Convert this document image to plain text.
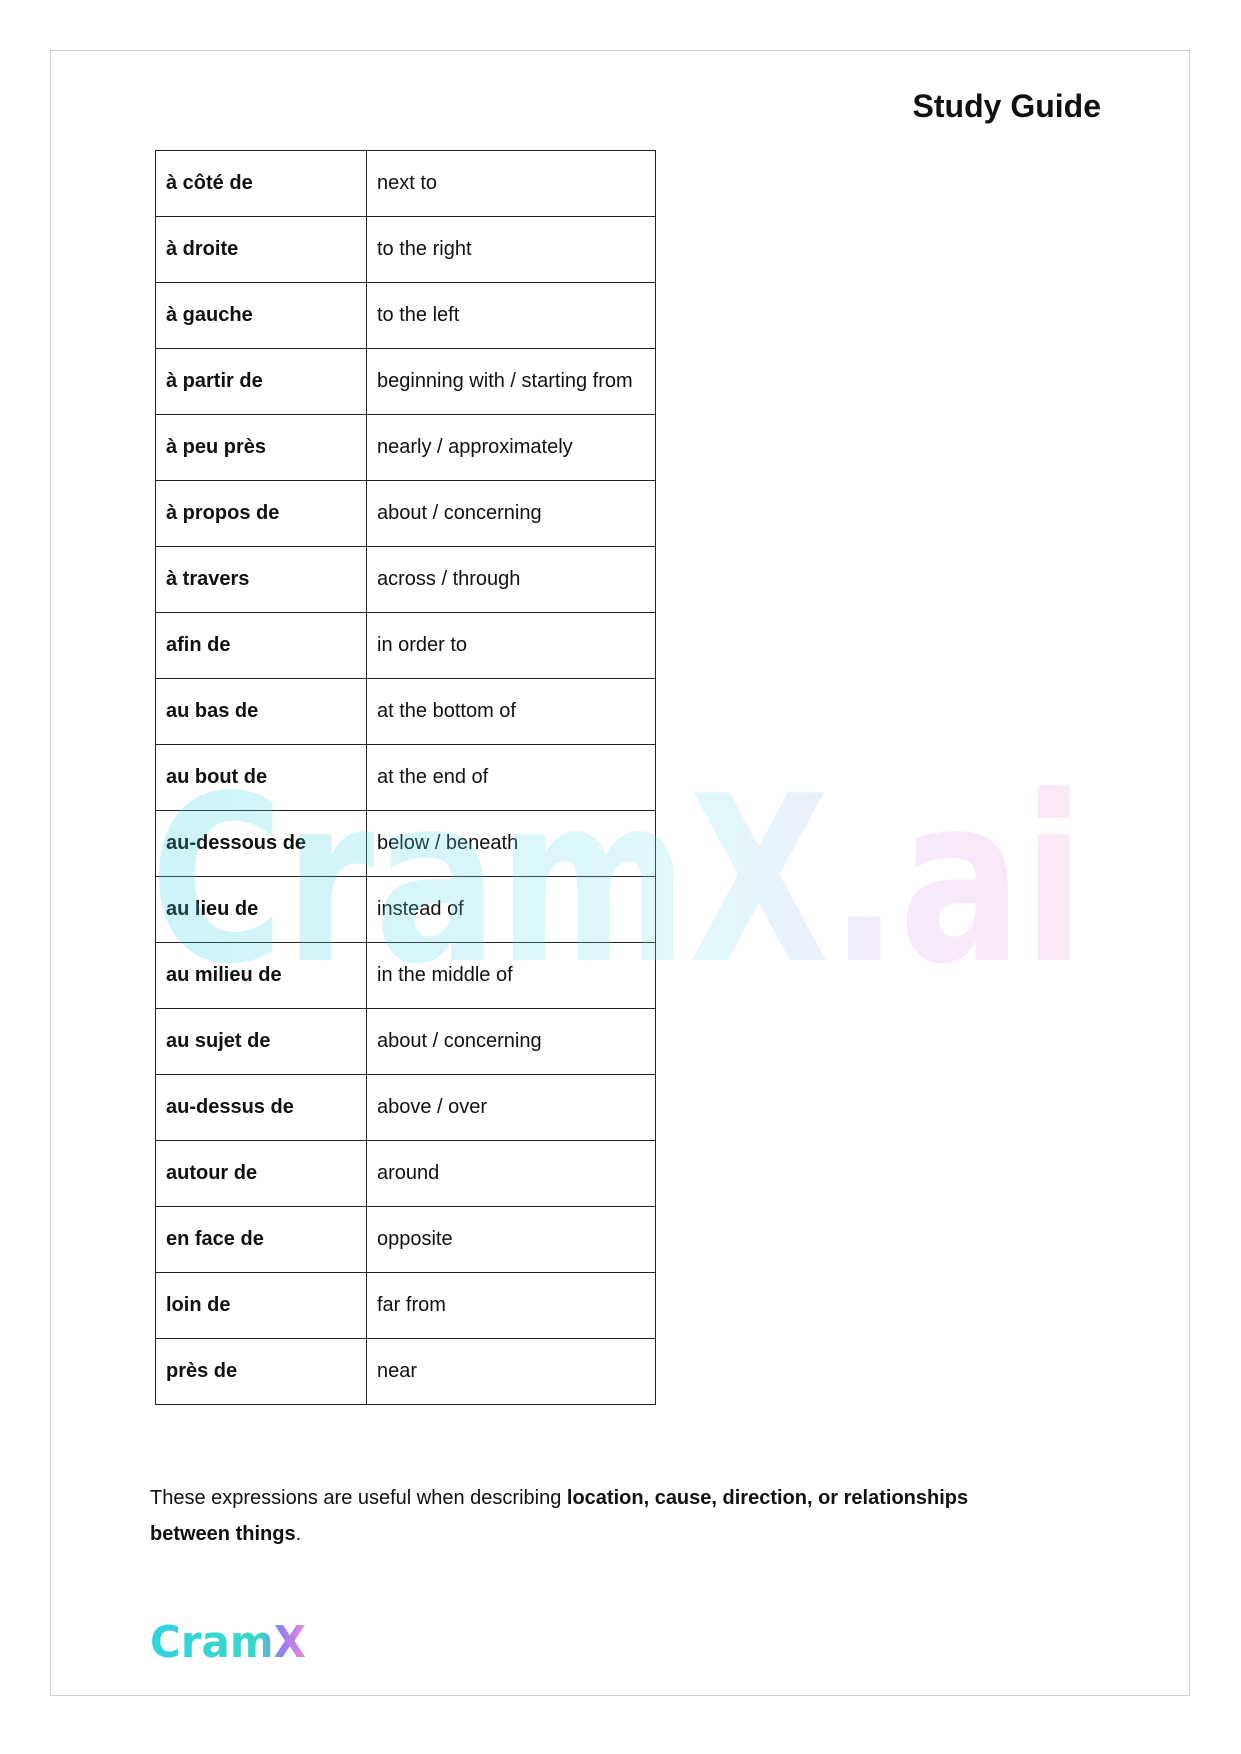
Study Guide
à côté de	next to
à droite	to the right
à gauche	to the left
à partir de	beginning with / starting from
à peu près	nearly / approximately
à propos de	about / concerning
à travers	across / through
afin de	in order to
au bas de	at the bottom of
au bout de	at the end of
au-dessous de	below / beneath
au lieu de	instead of
au milieu de	in the middle of
au sujet de	about / concerning
au-dessus de	above / over
autour de	around
en face de	opposite
loin de	far from
près de	near
CramX.ai
These expressions are useful when describing location, cause, direction, or relationships between things.
CramX
